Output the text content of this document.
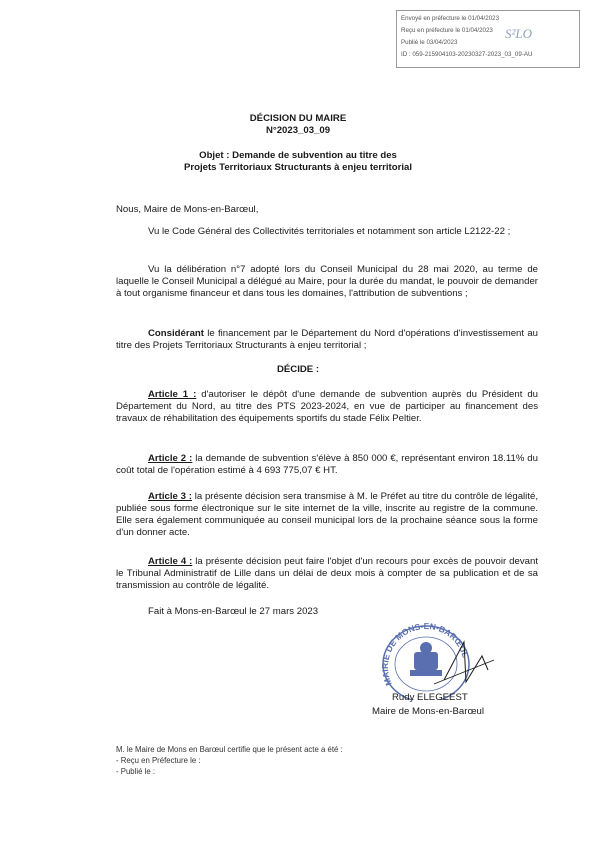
Envoyé en préfecture le 01/04/2023
Reçu en préfecture le 01/04/2023
Publié le 03/04/2023
ID : 059-215904103-20230327-2023_03_09-AU
S²LO
DÉCISION DU MAIRE
N°2023_03_09
Objet : Demande de subvention au titre des
Projets Territoriaux Structurants à enjeu territorial
Nous, Maire de Mons-en-Barœul,
Vu le Code Général des Collectivités territoriales et notamment son article L2122-22 ;
Vu la délibération n°7 adopté lors du Conseil Municipal du 28 mai 2020, au terme de laquelle le Conseil Municipal a délégué au Maire, pour la durée du mandat, le pouvoir de demander à tout organisme financeur et dans tous les domaines, l'attribution de subventions ;
Considérant le financement par le Département du Nord d'opérations d'investissement au titre des Projets Territoriaux Structurants à enjeu territorial ;
DÉCIDE :
Article 1 : d'autoriser le dépôt d'une demande de subvention auprès du Président du Département du Nord, au titre des PTS 2023-2024, en vue de participer au financement des travaux de réhabilitation des équipements sportifs du stade Félix Peltier.
Article 2 : la demande de subvention s'élève à 850 000 €, représentant environ 18.11% du coût total de l'opération estimé à 4 693 775,07 € HT.
Article 3 : la présente décision sera transmise à M. le Préfet au titre du contrôle de légalité, publiée sous forme électronique sur le site internet de la ville, inscrite au registre de la commune. Elle sera également communiquée au conseil municipal lors de la prochaine séance sous la forme d'un donner acte.
Article 4 : la présente décision peut faire l'objet d'un recours pour excès de pouvoir devant le Tribunal Administratif de Lille dans un délai de deux mois à compter de sa publication et de sa transmission au contrôle de légalité.
Fait à Mons-en-Barœul le 27 mars 2023
MAIRIE DE MONS-EN-BARŒUL
Rudy ELEGEEST
Maire de Mons-en-Barœul
M. le Maire de Mons en Barœul certifie que le présent acte a été :
- Reçu en Préfecture le :
- Publié le :
